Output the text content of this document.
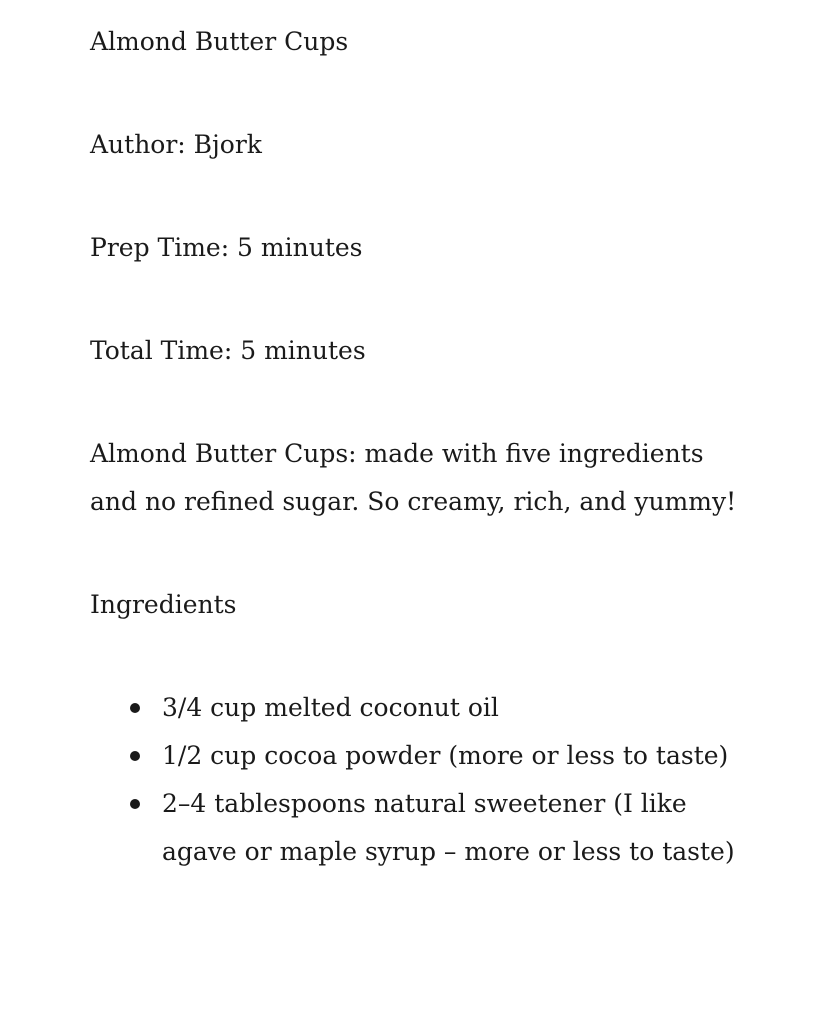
Almond Butter Cups

Author: Bjork

Prep Time: 5 minutes

Total Time: 5 minutes

Almond Butter Cups: made with five ingredients and no refined sugar. So creamy, rich, and yummy!

Ingredients

3/4 cup melted coconut oil
1/2 cup cocoa powder (more or less to taste)
2–4 tablespoons natural sweetener (I like agave or maple syrup – more or less to taste)
